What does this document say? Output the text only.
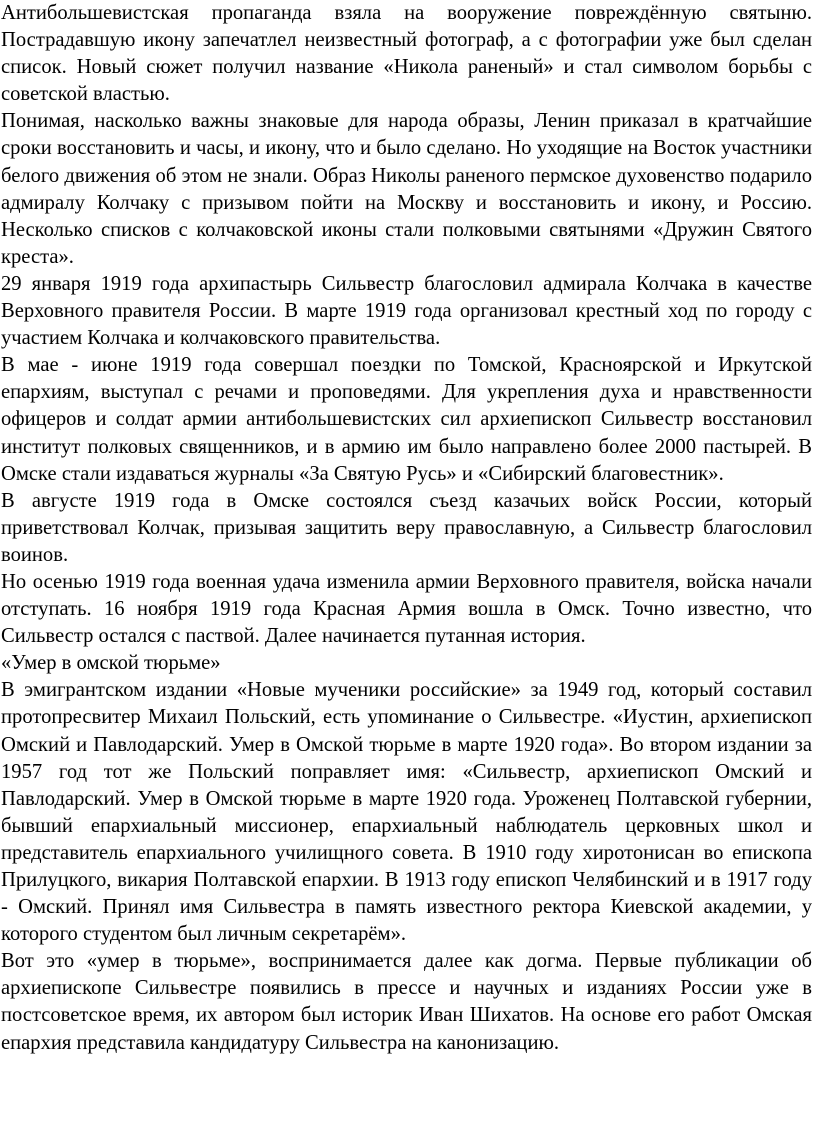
Антибольшевистская пропаганда взяла на вооружение повреждённую святыню. Пострадавшую икону запечатлел неизвестный фотограф, а с фотографии уже был сделан список. Новый сюжет получил название «Никола раненый» и стал символом борьбы с советской властью.

Понимая, насколько важны знаковые для народа образы, Ленин приказал в кратчайшие сроки восстановить и часы, и икону, что и было сделано. Но уходящие на Восток участники белого движения об этом не знали. Образ Николы раненого пермское духовенство подарило адмиралу Колчаку с призывом пойти на Москву и восстановить и икону, и Россию. Несколько списков с колчаковской иконы стали полковыми святынями «Дружин Святого креста».

29 января 1919 года архипастырь Сильвестр благословил адмирала Колчака в качестве Верховного правителя России. В марте 1919 года организовал крестный ход по городу с участием Колчака и колчаковского правительства.

В мае - июне 1919 года совершал поездки по Томской, Красноярской и Иркутской епархиям, выступал с речами и проповедями. Для укрепления духа и нравственности офицеров и солдат армии антибольшевистских сил архиепископ Сильвестр восстановил институт полковых священников, и в армию им было направлено более 2000 пастырей. В Омске стали издаваться журналы «За Святую Русь» и «Сибирский благовестник».

В августе 1919 года в Омске состоялся съезд казачьих войск России, который приветствовал Колчак, призывая защитить веру православную, а Сильвестр благословил воинов.

Но осенью 1919 года военная удача изменила армии Верховного правителя, войска начали отступать. 16 ноября 1919 года Красная Армия вошла в Омск. Точно известно, что Сильвестр остался с паствой. Далее начинается путанная история.

«Умер в омской тюрьме»

В эмигрантском издании «Новые мученики российские» за 1949 год, который составил протопресвитер Михаил Польский, есть упоминание о Сильвестре. «Иустин, архиепископ Омский и Павлодарский. Умер в Омской тюрьме в марте 1920 года». Во втором издании за 1957 год тот же Польский поправляет имя: «Сильвестр, архиепископ Омский и Павлодарский. Умер в Омской тюрьме в марте 1920 года. Уроженец Полтавской губернии, бывший епархиальный миссионер, епархиальный наблюдатель церковных школ и представитель епархиального училищного совета. В 1910 году хиротонисан во епископа Прилуцкого, викария Полтавской епархии. В 1913 году епископ Челябинский и в 1917 году - Омский. Принял имя Сильвестра в память известного ректора Киевской академии, у которого студентом был личным секретарём».

Вот это «умер в тюрьме», воспринимается далее как догма. Первые публикации об архиепископе Сильвестре появились в прессе и научных и изданиях России уже в постсоветское время, их автором был историк Иван Шихатов. На основе его работ Омская епархия представила кандидатуру Сильвестра на канонизацию.
